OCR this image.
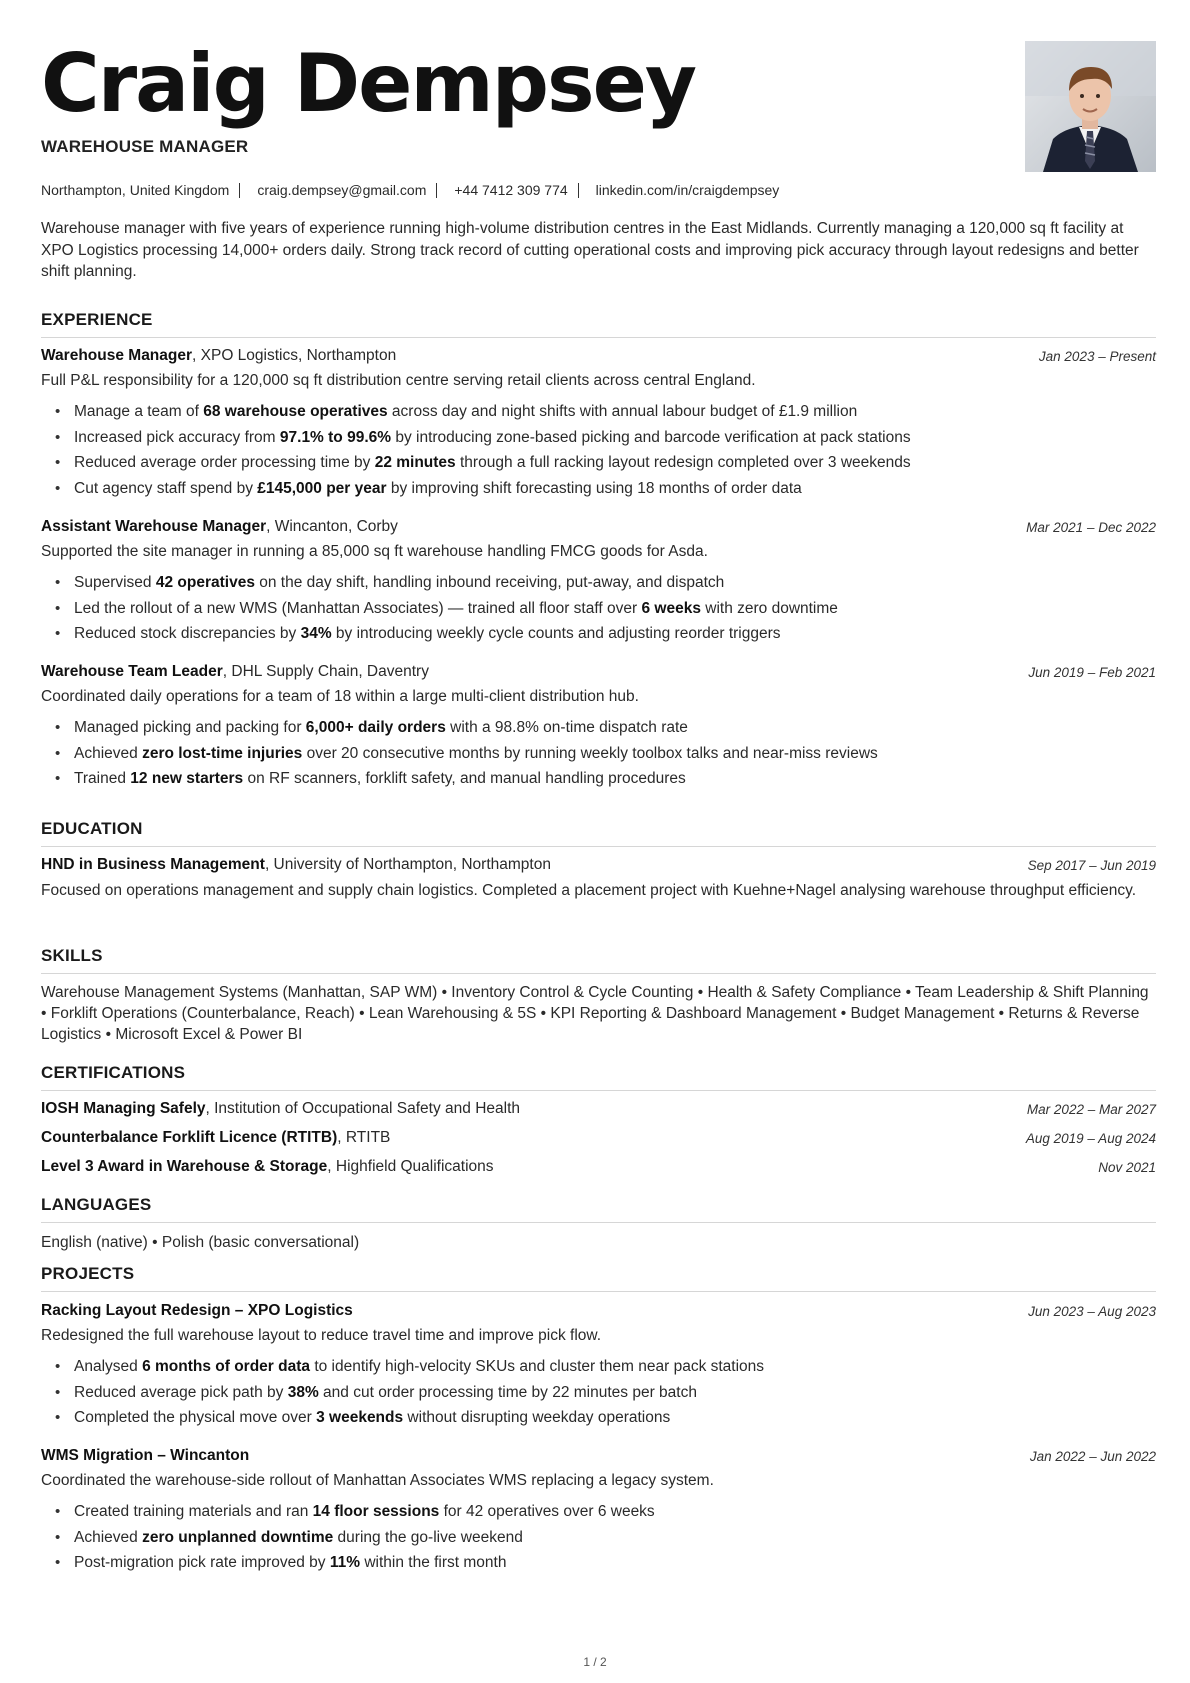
Craig Dempsey
WAREHOUSE MANAGER
Northampton, United Kingdom craig.dempsey@gmail.com +44 7412 309 774 linkedin.com/in/craigdempsey
Warehouse manager with five years of experience running high-volume distribution centres in the East Midlands. Currently managing a 120,000 sq ft facility at XPO Logistics processing 14,000+ orders daily. Strong track record of cutting operational costs and improving pick accuracy through layout redesigns and better shift planning.
EXPERIENCE
Warehouse Manager, XPO Logistics, Northampton	Jan 2023 – Present
Full P&L responsibility for a 120,000 sq ft distribution centre serving retail clients across central England.
• Manage a team of 68 warehouse operatives across day and night shifts with annual labour budget of £1.9 million
• Increased pick accuracy from 97.1% to 99.6% by introducing zone-based picking and barcode verification at pack stations
• Reduced average order processing time by 22 minutes through a full racking layout redesign completed over 3 weekends
• Cut agency staff spend by £145,000 per year by improving shift forecasting using 18 months of order data
Assistant Warehouse Manager, Wincanton, Corby	Mar 2021 – Dec 2022
Supported the site manager in running a 85,000 sq ft warehouse handling FMCG goods for Asda.
• Supervised 42 operatives on the day shift, handling inbound receiving, put-away, and dispatch
• Led the rollout of a new WMS (Manhattan Associates) — trained all floor staff over 6 weeks with zero downtime
• Reduced stock discrepancies by 34% by introducing weekly cycle counts and adjusting reorder triggers
Warehouse Team Leader, DHL Supply Chain, Daventry	Jun 2019 – Feb 2021
Coordinated daily operations for a team of 18 within a large multi-client distribution hub.
• Managed picking and packing for 6,000+ daily orders with a 98.8% on-time dispatch rate
• Achieved zero lost-time injuries over 20 consecutive months by running weekly toolbox talks and near-miss reviews
• Trained 12 new starters on RF scanners, forklift safety, and manual handling procedures
EDUCATION
HND in Business Management, University of Northampton, Northampton	Sep 2017 – Jun 2019
Focused on operations management and supply chain logistics. Completed a placement project with Kuehne+Nagel analysing warehouse throughput efficiency.
SKILLS
Warehouse Management Systems (Manhattan, SAP WM) • Inventory Control & Cycle Counting • Health & Safety Compliance • Team Leadership & Shift Planning • Forklift Operations (Counterbalance, Reach) • Lean Warehousing & 5S • KPI Reporting & Dashboard Management • Budget Management • Returns & Reverse Logistics • Microsoft Excel & Power BI
CERTIFICATIONS
IOSH Managing Safely, Institution of Occupational Safety and Health	Mar 2022 – Mar 2027
Counterbalance Forklift Licence (RTITB), RTITB	Aug 2019 – Aug 2024
Level 3 Award in Warehouse & Storage, Highfield Qualifications	Nov 2021
LANGUAGES
English (native) • Polish (basic conversational)
PROJECTS
Racking Layout Redesign – XPO Logistics	Jun 2023 – Aug 2023
Redesigned the full warehouse layout to reduce travel time and improve pick flow.
• Analysed 6 months of order data to identify high-velocity SKUs and cluster them near pack stations
• Reduced average pick path by 38% and cut order processing time by 22 minutes per batch
• Completed the physical move over 3 weekends without disrupting weekday operations
WMS Migration – Wincanton	Jan 2022 – Jun 2022
Coordinated the warehouse-side rollout of Manhattan Associates WMS replacing a legacy system.
• Created training materials and ran 14 floor sessions for 42 operatives over 6 weeks
• Achieved zero unplanned downtime during the go-live weekend
• Post-migration pick rate improved by 11% within the first month
1 / 2
